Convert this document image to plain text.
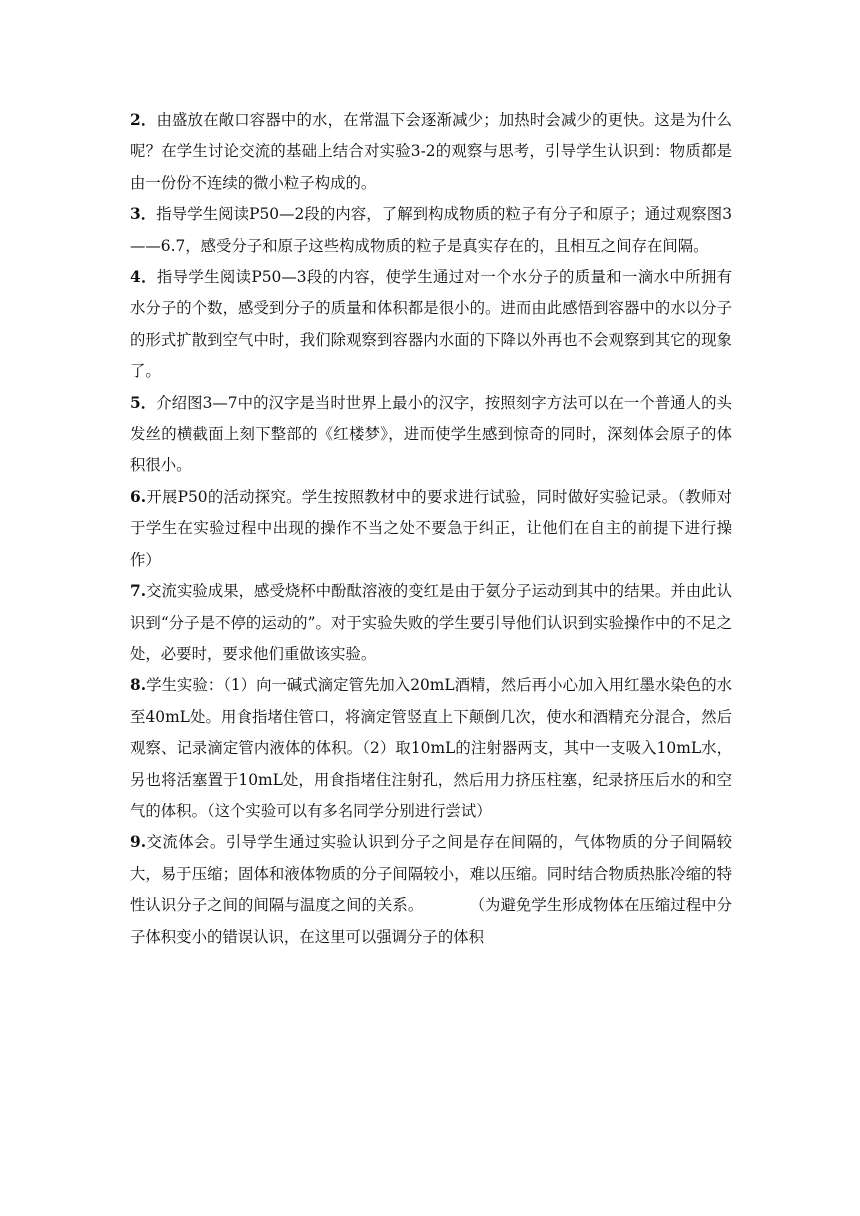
2．由盛放在敞口容器中的水，在常温下会逐渐减少；加热时会减少的更快。这是为什么呢？在学生讨论交流的基础上结合对实验3-2的观察与思考，引导学生认识到：物质都是由一份份不连续的微小粒子构成的。

3．指导学生阅读P50—2段的内容，了解到构成物质的粒子有分子和原子；通过观察图3——6.7，感受分子和原子这些构成物质的粒子是真实存在的，且相互之间存在间隔。

4．指导学生阅读P50—3段的内容，使学生通过对一个水分子的质量和一滴水中所拥有水分子的个数，感受到分子的质量和体积都是很小的。进而由此感悟到容器中的水以分子的形式扩散到空气中时，我们除观察到容器内水面的下降以外再也不会观察到其它的现象了。

5．介绍图3—7中的汉字是当时世界上最小的汉字，按照刻字方法可以在一个普通人的头发丝的横截面上刻下整部的《红楼梦》，进而使学生感到惊奇的同时，深刻体会原子的体积很小。

6.开展P50的活动探究。学生按照教材中的要求进行试验，同时做好实验记录。（教师对于学生在实验过程中出现的操作不当之处不要急于纠正，让他们在自主的前提下进行操作）

7.交流实验成果，感受烧杯中酚酞溶液的变红是由于氨分子运动到其中的结果。并由此认识到“分子是不停的运动的”。对于实验失败的学生要引导他们认识到实验操作中的不足之处，必要时，要求他们重做该实验。

8.学生实验：（1）向一碱式滴定管先加入20mL酒精，然后再小心加入用红墨水染色的水至40mL处。用食指堵住管口，将滴定管竖直上下颠倒几次，使水和酒精充分混合，然后观察、记录滴定管内液体的体积。（2）取10mL的注射器两支，其中一支吸入10mL水，另也将活塞置于10mL处，用食指堵住注射孔，然后用力挤压柱塞，纪录挤压后水的和空气的体积。（这个实验可以有多名同学分别进行尝试）

9.交流体会。引导学生通过实验认识到分子之间是存在间隔的，气体物质的分子间隔较大，易于压缩；固体和液体物质的分子间隔较小，难以压缩。同时结合物质热胀冷缩的特性认识分子之间的间隔与温度之间的关系。　　　　（为避免学生形成物体在压缩过程中分子体积变小的错误认识，在这里可以强调分子的体积
